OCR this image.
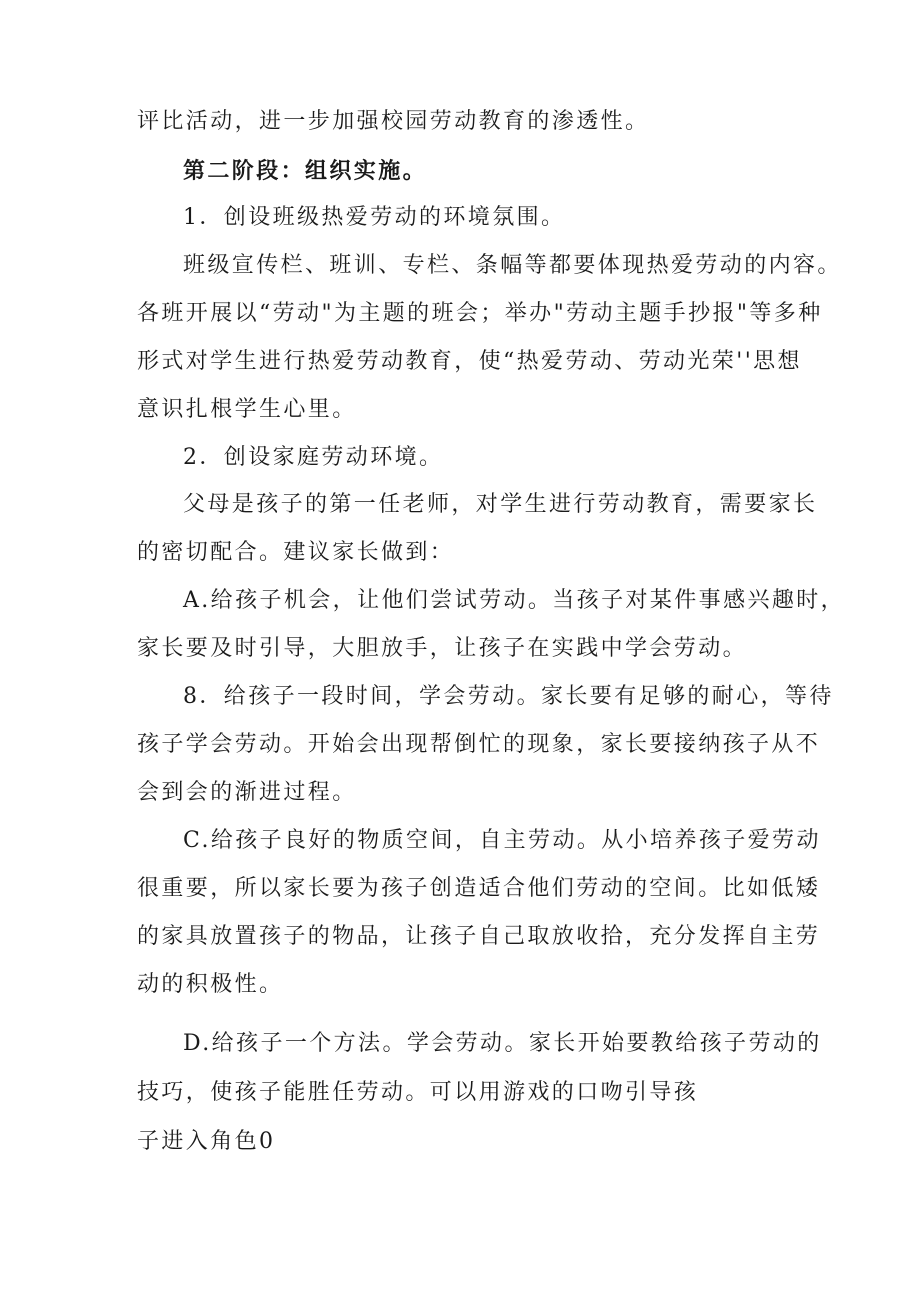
评比活动，进一步加强校园劳动教育的渗透性。
第二阶段：组织实施。
1．创设班级热爱劳动的环境氛围。
班级宣传栏、班训、专栏、条幅等都要体现热爱劳动的内容。
各班开展以“劳动"为主题的班会；举办"劳动主题手抄报"等多种
形式对学生进行热爱劳动教育，使“热爱劳动、劳动光荣''思想
意识扎根学生心里。
2．创设家庭劳动环境。
父母是孩子的第一任老师，对学生进行劳动教育，需要家长
的密切配合。建议家长做到：
A.给孩子机会，让他们尝试劳动。当孩子对某件事感兴趣时，
家长要及时引导，大胆放手，让孩子在实践中学会劳动。
8．给孩子一段时间，学会劳动。家长要有足够的耐心，等待
孩子学会劳动。开始会出现帮倒忙的现象，家长要接纳孩子从不
会到会的渐进过程。
C.给孩子良好的物质空间，自主劳动。从小培养孩子爱劳动
很重要，所以家长要为孩子创造适合他们劳动的空间。比如低矮
的家具放置孩子的物品，让孩子自己取放收拾，充分发挥自主劳
动的积极性。
D.给孩子一个方法。学会劳动。家长开始要教给孩子劳动的
技巧，使孩子能胜任劳动。可以用游戏的口吻引导孩
子进入角色0
